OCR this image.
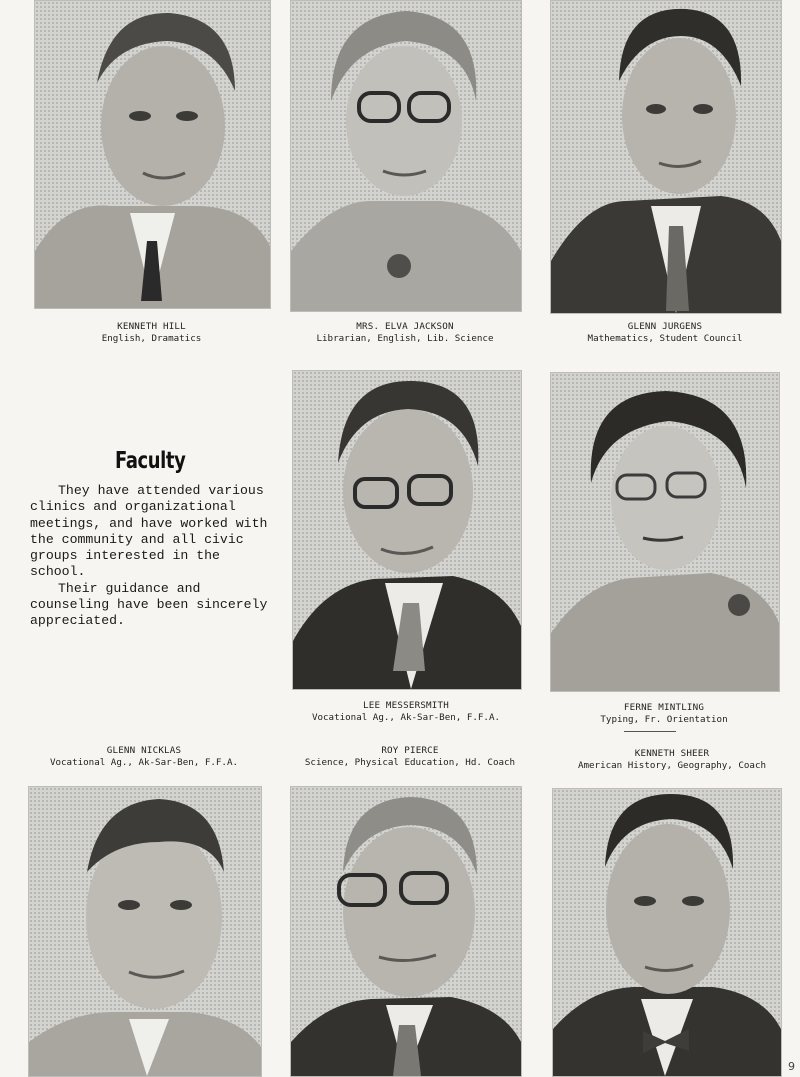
KENNETH HILL
English, Dramatics
MRS. ELVA JACKSON
Librarian, English, Lib. Science
GLENN JURGENS
Mathematics, Student Council
Faculty

They have attended various clinics and organizational meetings, and have worked with the community and all civic groups interested in the school.

Their guidance and counseling have been sincerely appreciated.

LEE MESSERSMITH
Vocational Ag., Ak-Sar-Ben, F.F.A.
FERNE MINTLING
Typing, Fr. Orientation
GLENN NICKLAS
Vocational Ag., Ak-Sar-Ben, F.F.A.
ROY PIERCE
Science, Physical Education, Hd. Coach
KENNETH SHEER
American History, Geography, Coach
9
